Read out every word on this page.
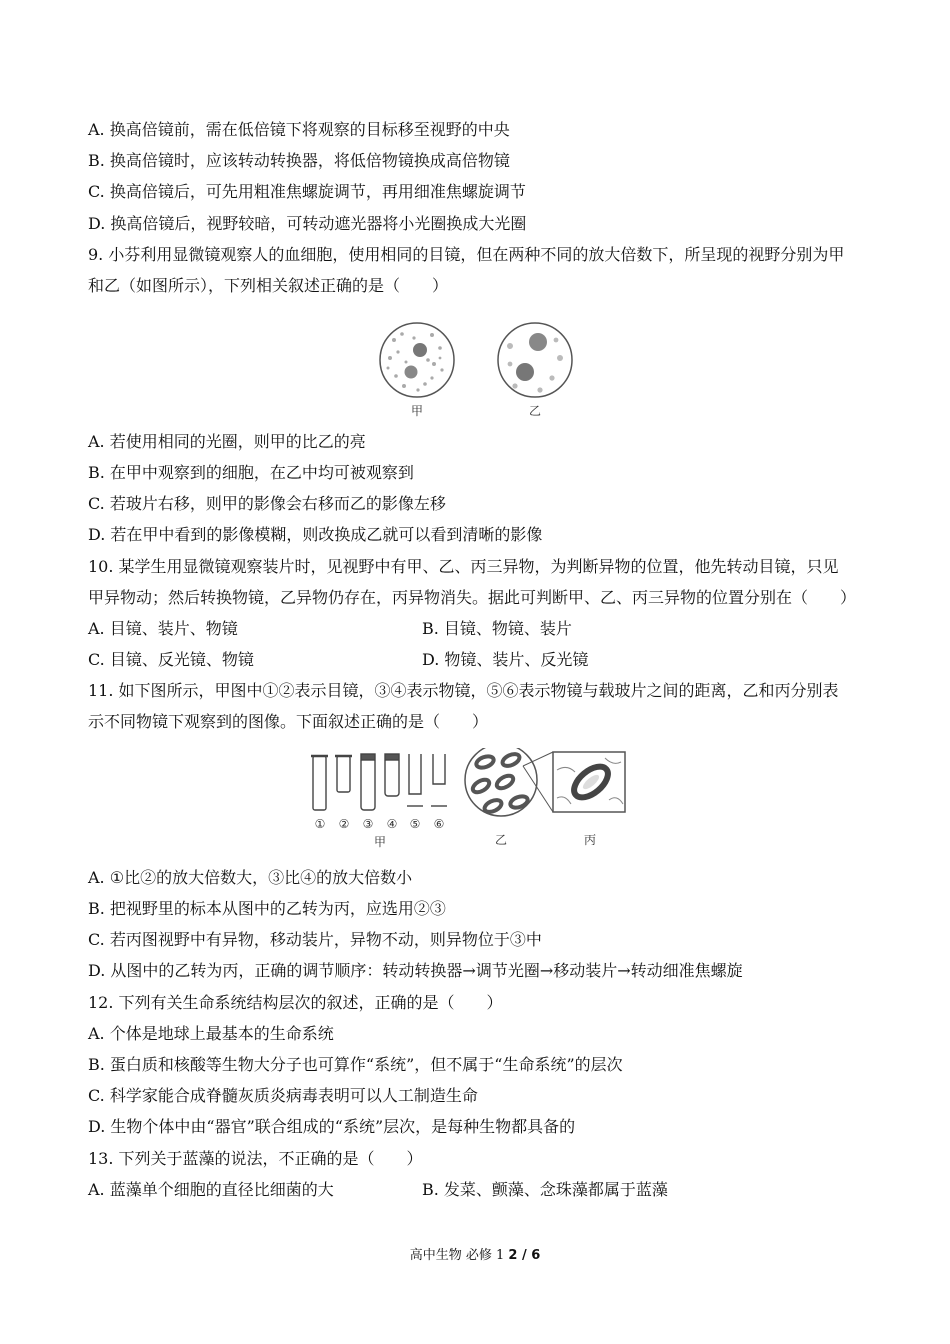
A. 换高倍镜前，需在低倍镜下将观察的目标移至视野的中央
B. 换高倍镜时，应该转动转换器，将低倍物镜换成高倍物镜
C. 换高倍镜后，可先用粗准焦螺旋调节，再用细准焦螺旋调节
D. 换高倍镜后，视野较暗，可转动遮光器将小光圈换成大光圈
9. 小芬利用显微镜观察人的血细胞，使用相同的目镜，但在两种不同的放大倍数下，所呈现的视野分别为甲
和乙（如图所示），下列相关叙述正确的是（　　）
甲	乙
A. 若使用相同的光圈，则甲的比乙的亮
B. 在甲中观察到的细胞，在乙中均可被观察到
C. 若玻片右移，则甲的影像会右移而乙的影像左移
D. 若在甲中看到的影像模糊，则改换成乙就可以看到清晰的影像
10. 某学生用显微镜观察装片时，见视野中有甲、乙、丙三异物，为判断异物的位置，他先转动目镜，只见
甲异物动；然后转换物镜，乙异物仍存在，丙异物消失。据此可判断甲、乙、丙三异物的位置分别在（　　）
A. 目镜、装片、物镜	B. 目镜、物镜、装片
C. 目镜、反光镜、物镜	D. 物镜、装片、反光镜
11. 如下图所示，甲图中①②表示目镜，③④表示物镜，⑤⑥表示物镜与载玻片之间的距离，乙和丙分别表
示不同物镜下观察到的图像。下面叙述正确的是（　　）
① ② ③ ④ ⑤ ⑥
甲	乙	丙
A. ①比②的放大倍数大，③比④的放大倍数小
B. 把视野里的标本从图中的乙转为丙，应选用②③
C. 若丙图视野中有异物，移动装片，异物不动，则异物位于③中
D. 从图中的乙转为丙，正确的调节顺序：转动转换器→调节光圈→移动装片→转动细准焦螺旋
12. 下列有关生命系统结构层次的叙述，正确的是（　　）
A. 个体是地球上最基本的生命系统
B. 蛋白质和核酸等生物大分子也可算作“系统”，但不属于“生命系统”的层次
C. 科学家能合成脊髓灰质炎病毒表明可以人工制造生命
D. 生物个体中由“器官”联合组成的“系统”层次，是每种生物都具备的
13. 下列关于蓝藻的说法，不正确的是（　　）
A. 蓝藻单个细胞的直径比细菌的大	B. 发菜、颤藻、念珠藻都属于蓝藻
高中生物 必修 1 2 / 6
